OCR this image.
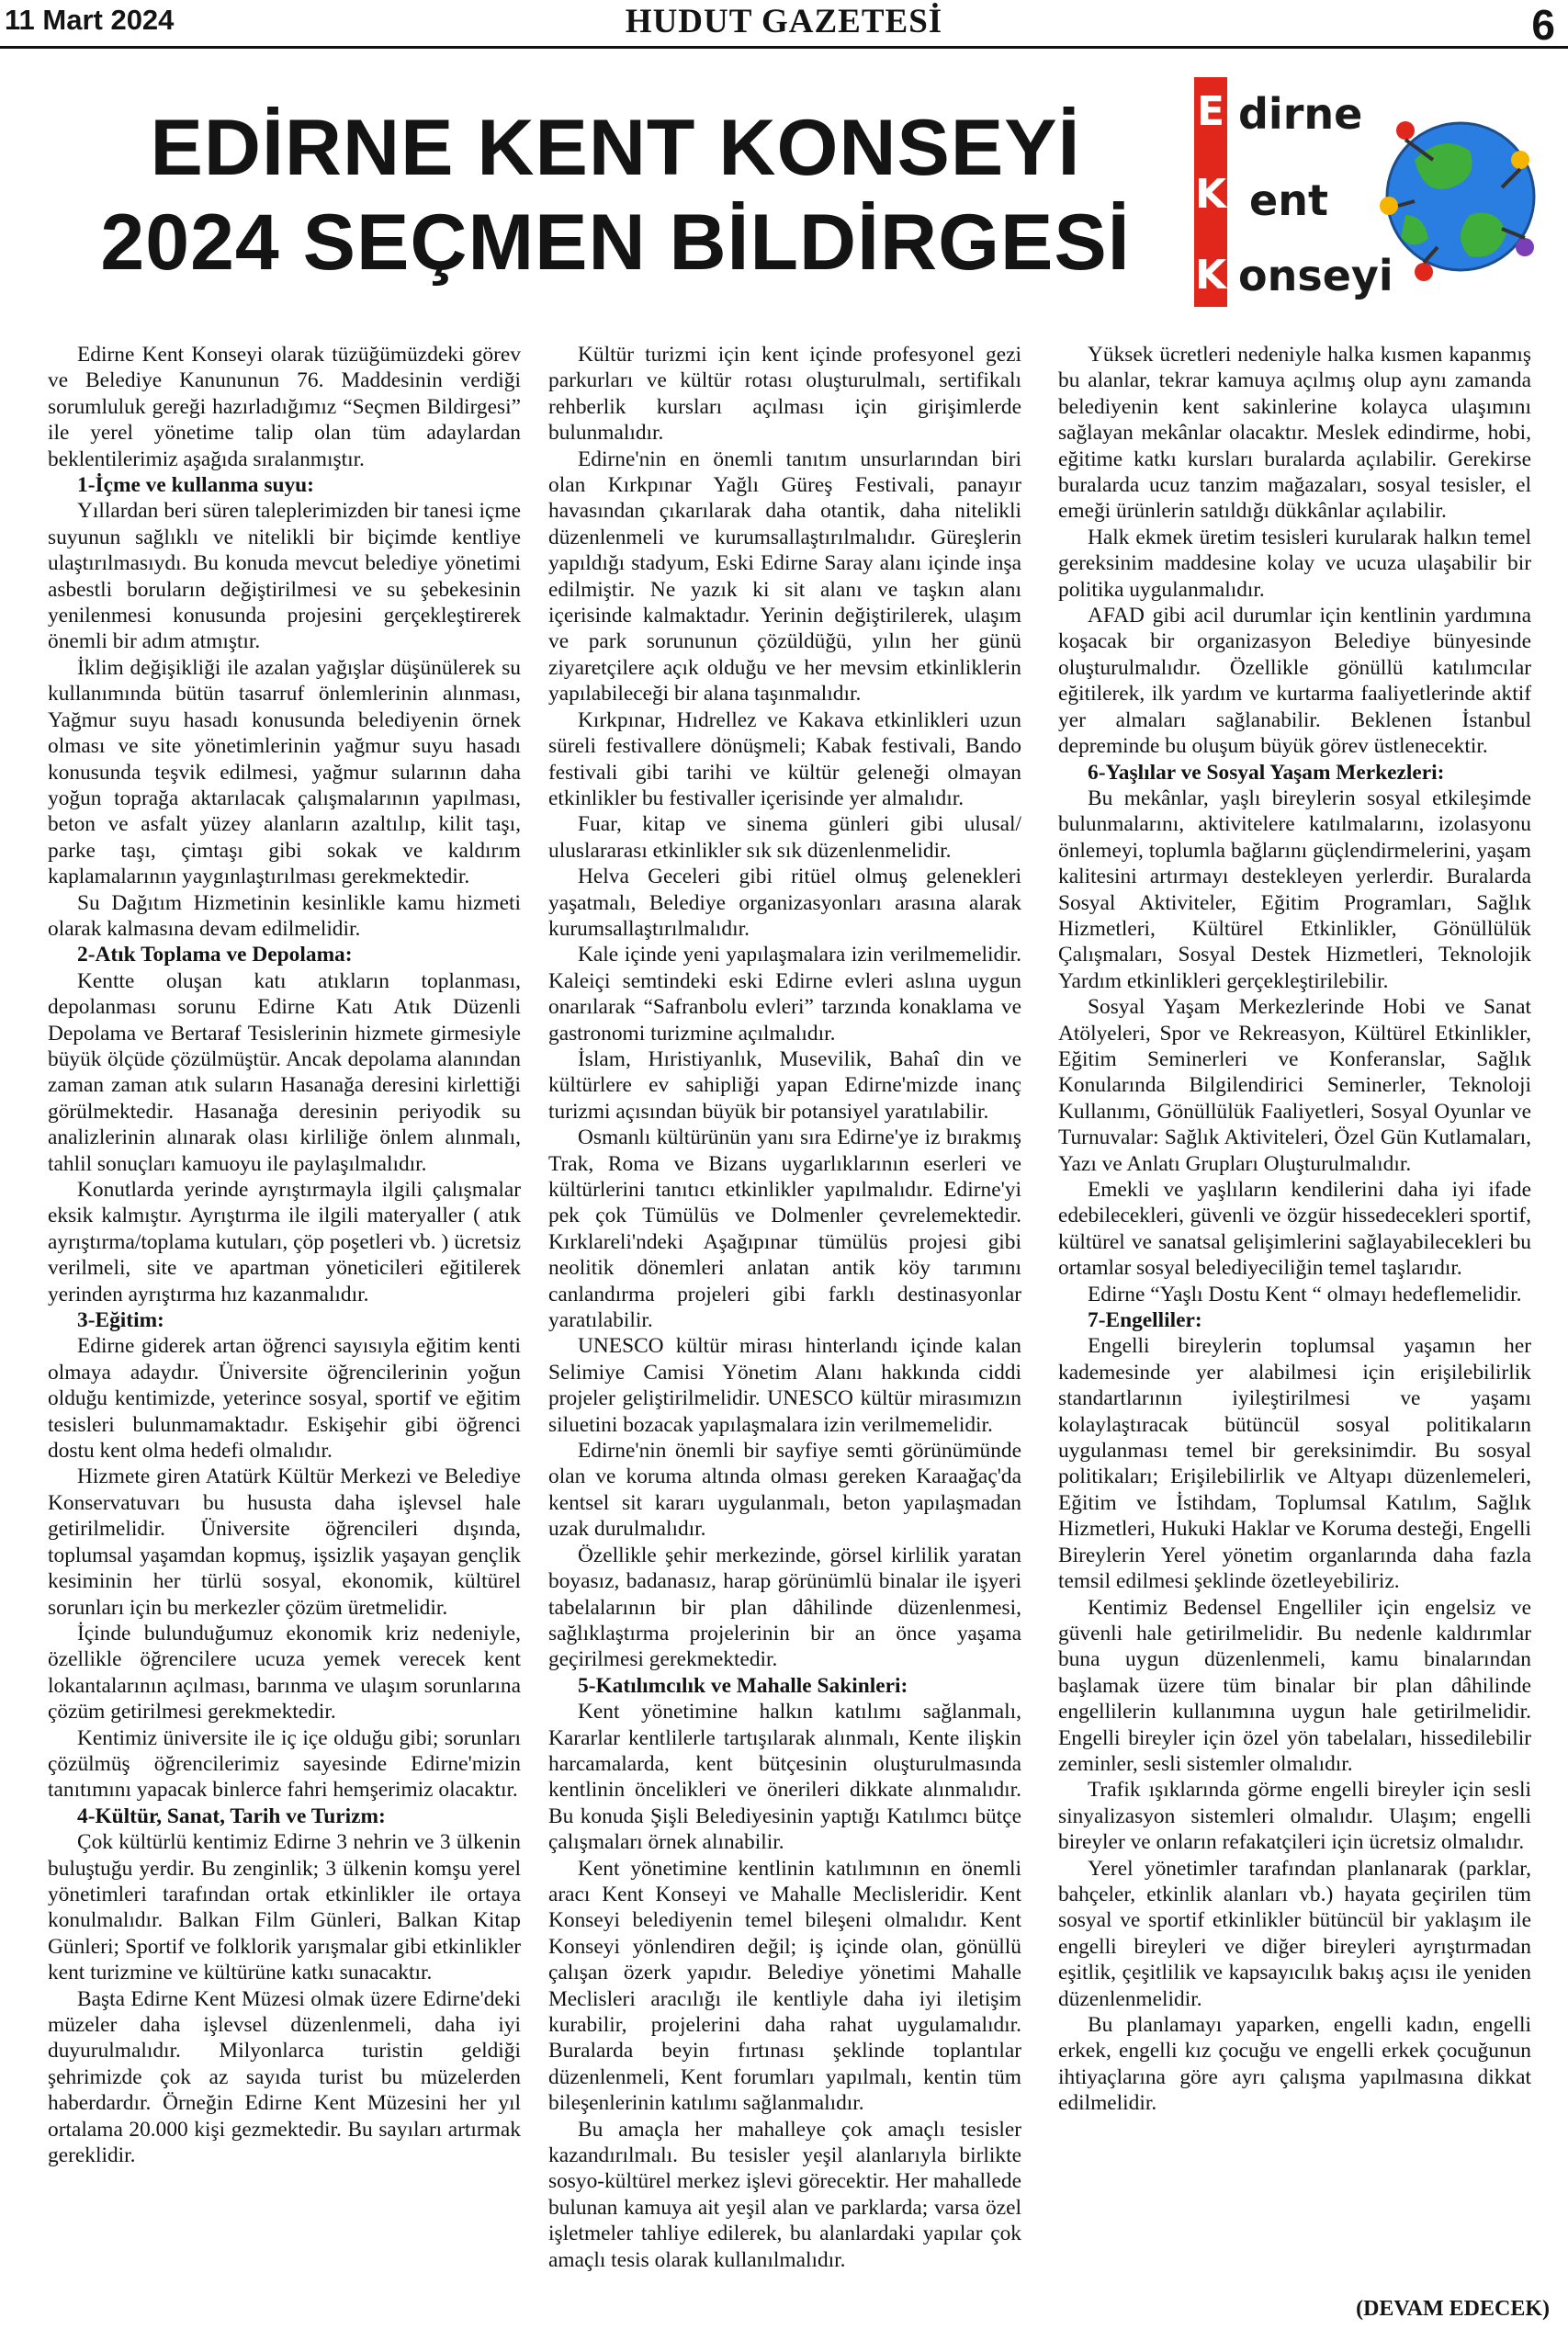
11 Mart 2024	HUDUT GAZETESİ	6
EDİRNE KENT KONSEYİ
2024 SEÇMEN BİLDİRGESİ
E
K
K
dirne
ent
onseyi

Edirne Kent Konseyi olarak tüzüğümüzdeki görev ve Belediye Kanununun 76. Maddesinin verdiği sorumluluk gereği hazırladığımız “Seçmen Bildirgesi” ile yerel yönetime talip olan tüm adaylardan beklentilerimiz aşağıda sıralanmıştır.

1-İçme ve kullanma suyu:

Yıllardan beri süren taleplerimizden bir tanesi içme suyunun sağlıklı ve nitelikli bir biçimde kentliye ulaştırılmasıydı. Bu konuda mevcut belediye yönetimi asbestli boruların değiştirilmesi ve su şebekesinin yenilenmesi konusunda projesini gerçekleştirerek önemli bir adım atmıştır.

İklim değişikliği ile azalan yağışlar düşünülerek su kullanımında bütün tasarruf önlemlerinin alınması, Yağmur suyu hasadı konusunda belediyenin örnek olması ve site yönetimlerinin yağmur suyu hasadı konusunda teşvik edilmesi, yağmur sularının daha yoğun toprağa aktarılacak çalışmalarının yapılması, beton ve asfalt yüzey alanların azaltılıp, kilit taşı, parke taşı, çimtaşı gibi sokak ve kaldırım kaplamalarının yaygınlaştırılması gerekmektedir.

Su Dağıtım Hizmetinin kesinlikle kamu hizmeti olarak kalmasına devam edilmelidir.

2-Atık Toplama ve Depolama:

Kentte oluşan katı atıkların toplanması, depolanması sorunu Edirne Katı Atık Düzenli Depolama ve Bertaraf Tesislerinin hizmete girmesiyle büyük ölçüde çözülmüştür. Ancak depolama alanından zaman zaman atık suların Hasanağa deresini kirlettiği görülmektedir. Hasanağa deresinin periyodik su analizlerinin alınarak olası kirliliğe önlem alınmalı, tahlil sonuçları kamuoyu ile paylaşılmalıdır.

Konutlarda yerinde ayrıştırmayla ilgili çalışmalar eksik kalmıştır. Ayrıştırma ile ilgili materyaller ( atık ayrıştırma/toplama kutuları, çöp poşetleri vb. ) ücretsiz verilmeli, site ve apartman yöneticileri eğitilerek yerinden ayrıştırma hız kazanmalıdır.

3-Eğitim:

Edirne giderek artan öğrenci sayısıyla eğitim kenti olmaya adaydır. Üniversite öğrencilerinin yoğun olduğu kentimizde, yeterince sosyal, sportif ve eğitim tesisleri bulunmamaktadır. Eskişehir gibi öğrenci dostu kent olma hedefi olmalıdır.

Hizmete giren Atatürk Kültür Merkezi ve Belediye Konservatuvarı bu hususta daha işlevsel hale getirilmelidir. Üniversite öğrencileri dışında, toplumsal yaşamdan kopmuş, işsizlik yaşayan gençlik kesiminin her türlü sosyal, ekonomik, kültürel sorunları için bu merkezler çözüm üretmelidir.

İçinde bulunduğumuz ekonomik kriz nedeniyle, özellikle öğrencilere ucuza yemek verecek kent lokantalarının açılması, barınma ve ulaşım sorunlarına çözüm getirilmesi gerekmektedir.

Kentimiz üniversite ile iç içe olduğu gibi; sorunları çözülmüş öğrencilerimiz sayesinde Edirne'mizin tanıtımını yapacak binlerce fahri hemşerimiz olacaktır.

4-Kültür, Sanat, Tarih ve Turizm:

Çok kültürlü kentimiz Edirne 3 nehrin ve 3 ülkenin buluştuğu yerdir. Bu zenginlik; 3 ülkenin komşu yerel yönetimleri tarafından ortak etkinlikler ile ortaya konulmalıdır. Balkan Film Günleri, Balkan Kitap Günleri; Sportif ve folklorik yarışmalar gibi etkinlikler kent turizmine ve kültürüne katkı sunacaktır.

Başta Edirne Kent Müzesi olmak üzere Edirne'deki müzeler daha işlevsel düzenlenmeli, daha iyi duyurulmalıdır. Milyonlarca turistin geldiği şehrimizde çok az sayıda turist bu müzelerden haberdardır. Örneğin Edirne Kent Müzesini her yıl ortalama 20.000 kişi gezmektedir. Bu sayıları artırmak gereklidir.

Kültür turizmi için kent içinde profesyonel gezi parkurları ve kültür rotası oluşturulmalı, sertifikalı rehberlik kursları açılması için girişimlerde bulunmalıdır.

Edirne'nin en önemli tanıtım unsurlarından biri olan Kırkpınar Yağlı Güreş Festivali, panayır havasından çıkarılarak daha otantik, daha nitelikli düzenlenmeli ve kurumsallaştırılmalıdır. Güreşlerin yapıldığı stadyum, Eski Edirne Saray alanı içinde inşa edilmiştir. Ne yazık ki sit alanı ve taşkın alanı içerisinde kalmaktadır. Yerinin değiştirilerek, ulaşım ve park sorununun çözüldüğü, yılın her günü ziyaretçilere açık olduğu ve her mevsim etkinliklerin yapılabileceği bir alana taşınmalıdır.

Kırkpınar, Hıdrellez ve Kakava etkinlikleri uzun süreli festivallere dönüşmeli; Kabak festivali, Bando festivali gibi tarihi ve kültür geleneği olmayan etkinlikler bu festivaller içerisinde yer almalıdır.

Fuar, kitap ve sinema günleri gibi ulusal/ uluslararası etkinlikler sık sık düzenlenmelidir.

Helva Geceleri gibi ritüel olmuş gelenekleri yaşatmalı, Belediye organizasyonları arasına alarak kurumsallaştırılmalıdır.

Kale içinde yeni yapılaşmalara izin verilmemelidir. Kaleiçi semtindeki eski Edirne evleri aslına uygun onarılarak “Safranbolu evleri” tarzında konaklama ve gastronomi turizmine açılmalıdır.

İslam, Hıristiyanlık, Musevilik, Bahaî din ve kültürlere ev sahipliği yapan Edirne'mizde inanç turizmi açısından büyük bir potansiyel yaratılabilir.

Osmanlı kültürünün yanı sıra Edirne'ye iz bırakmış Trak, Roma ve Bizans uygarlıklarının eserleri ve kültürlerini tanıtıcı etkinlikler yapılmalıdır. Edirne'yi pek çok Tümülüs ve Dolmenler çevrelemektedir. Kırklareli'ndeki Aşağıpınar tümülüs projesi gibi neolitik dönemleri anlatan antik köy tarımını canlandırma projeleri gibi farklı destinasyonlar yaratılabilir.

UNESCO kültür mirası hinterlandı içinde kalan Selimiye Camisi Yönetim Alanı hakkında ciddi projeler geliştirilmelidir. UNESCO kültür mirasımızın siluetini bozacak yapılaşmalara izin verilmemelidir.

Edirne'nin önemli bir sayfiye semti görünümünde olan ve koruma altında olması gereken Karaağaç'da kentsel sit kararı uygulanmalı, beton yapılaşmadan uzak durulmalıdır.

Özellikle şehir merkezinde, görsel kirlilik yaratan boyasız, badanasız, harap görünümlü binalar ile işyeri tabelalarının bir plan dâhilinde düzenlenmesi, sağlıklaştırma projelerinin bir an önce yaşama geçirilmesi gerekmektedir.

5-Katılımcılık ve Mahalle Sakinleri:

Kent yönetimine halkın katılımı sağlanmalı, Kararlar kentlilerle tartışılarak alınmalı, Kente ilişkin harcamalarda, kent bütçesinin oluşturulmasında kentlinin öncelikleri ve önerileri dikkate alınmalıdır. Bu konuda Şişli Belediyesinin yaptığı Katılımcı bütçe çalışmaları örnek alınabilir.

Kent yönetimine kentlinin katılımının en önemli aracı Kent Konseyi ve Mahalle Meclisleridir. Kent Konseyi belediyenin temel bileşeni olmalıdır. Kent Konseyi yönlendiren değil; iş içinde olan, gönüllü çalışan özerk yapıdır. Belediye yönetimi Mahalle Meclisleri aracılığı ile kentliyle daha iyi iletişim kurabilir, projelerini daha rahat uygulamalıdır. Buralarda beyin fırtınası şeklinde toplantılar düzenlenmeli, Kent forumları yapılmalı, kentin tüm bileşenlerinin katılımı sağlanmalıdır.

Bu amaçla her mahalleye çok amaçlı tesisler kazandırılmalı. Bu tesisler yeşil alanlarıyla birlikte sosyo-kültürel merkez işlevi görecektir. Her mahallede bulunan kamuya ait yeşil alan ve parklarda; varsa özel işletmeler tahliye edilerek, bu alanlardaki yapılar çok amaçlı tesis olarak kullanılmalıdır.

Yüksek ücretleri nedeniyle halka kısmen kapanmış bu alanlar, tekrar kamuya açılmış olup aynı zamanda belediyenin kent sakinlerine kolayca ulaşımını sağlayan mekânlar olacaktır. Meslek edindirme, hobi, eğitime katkı kursları buralarda açılabilir. Gerekirse buralarda ucuz tanzim mağazaları, sosyal tesisler, el emeği ürünlerin satıldığı dükkânlar açılabilir.

Halk ekmek üretim tesisleri kurularak halkın temel gereksinim maddesine kolay ve ucuza ulaşabilir bir politika uygulanmalıdır.

AFAD gibi acil durumlar için kentlinin yardımına koşacak bir organizasyon Belediye bünyesinde oluşturulmalıdır. Özellikle gönüllü katılımcılar eğitilerek, ilk yardım ve kurtarma faaliyetlerinde aktif yer almaları sağlanabilir. Beklenen İstanbul depreminde bu oluşum büyük görev üstlenecektir.

6-Yaşlılar ve Sosyal Yaşam Merkezleri:

Bu mekânlar, yaşlı bireylerin sosyal etkileşimde bulunmalarını, aktivitelere katılmalarını, izolasyonu önlemeyi, toplumla bağlarını güçlendirmelerini, yaşam kalitesini artırmayı destekleyen yerlerdir. Buralarda Sosyal Aktiviteler, Eğitim Programları, Sağlık Hizmetleri, Kültürel Etkinlikler, Gönüllülük Çalışmaları, Sosyal Destek Hizmetleri, Teknolojik Yardım etkinlikleri gerçekleştirilebilir.

Sosyal Yaşam Merkezlerinde Hobi ve Sanat Atölyeleri, Spor ve Rekreasyon, Kültürel Etkinlikler, Eğitim Seminerleri ve Konferanslar, Sağlık Konularında Bilgilendirici Seminerler, Teknoloji Kullanımı, Gönüllülük Faaliyetleri, Sosyal Oyunlar ve Turnuvalar: Sağlık Aktiviteleri, Özel Gün Kutlamaları, Yazı ve Anlatı Grupları Oluşturulmalıdır.

Emekli ve yaşlıların kendilerini daha iyi ifade edebilecekleri, güvenli ve özgür hissedecekleri sportif, kültürel ve sanatsal gelişimlerini sağlayabilecekleri bu ortamlar sosyal belediyeciliğin temel taşlarıdır.

Edirne “Yaşlı Dostu Kent “ olmayı hedeflemelidir.

7-Engelliler:

Engelli bireylerin toplumsal yaşamın her kademesinde yer alabilmesi için erişilebilirlik standartlarının iyileştirilmesi ve yaşamı kolaylaştıracak bütüncül sosyal politikaların uygulanması temel bir gereksinimdir. Bu sosyal politikaları; Erişilebilirlik ve Altyapı düzenlemeleri, Eğitim ve İstihdam, Toplumsal Katılım, Sağlık Hizmetleri, Hukuki Haklar ve Koruma desteği, Engelli Bireylerin Yerel yönetim organlarında daha fazla temsil edilmesi şeklinde özetleyebiliriz.

Kentimiz Bedensel Engelliler için engelsiz ve güvenli hale getirilmelidir. Bu nedenle kaldırımlar buna uygun düzenlenmeli, kamu binalarından başlamak üzere tüm binalar bir plan dâhilinde engellilerin kullanımına uygun hale getirilmelidir. Engelli bireyler için özel yön tabelaları, hissedilebilir zeminler, sesli sistemler olmalıdır.

Trafik ışıklarında görme engelli bireyler için sesli sinyalizasyon sistemleri olmalıdır. Ulaşım; engelli bireyler ve onların refakatçileri için ücretsiz olmalıdır.

Yerel yönetimler tarafından planlanarak (parklar, bahçeler, etkinlik alanları vb.) hayata geçirilen tüm sosyal ve sportif etkinlikler bütüncül bir yaklaşım ile engelli bireyleri ve diğer bireyleri ayrıştırmadan eşitlik, çeşitlilik ve kapsayıcılık bakış açısı ile yeniden düzenlenmelidir.

Bu planlamayı yaparken, engelli kadın, engelli erkek, engelli kız çocuğu ve engelli erkek çocuğunun ihtiyaçlarına göre ayrı çalışma yapılmasına dikkat edilmelidir.

(DEVAM EDECEK)
